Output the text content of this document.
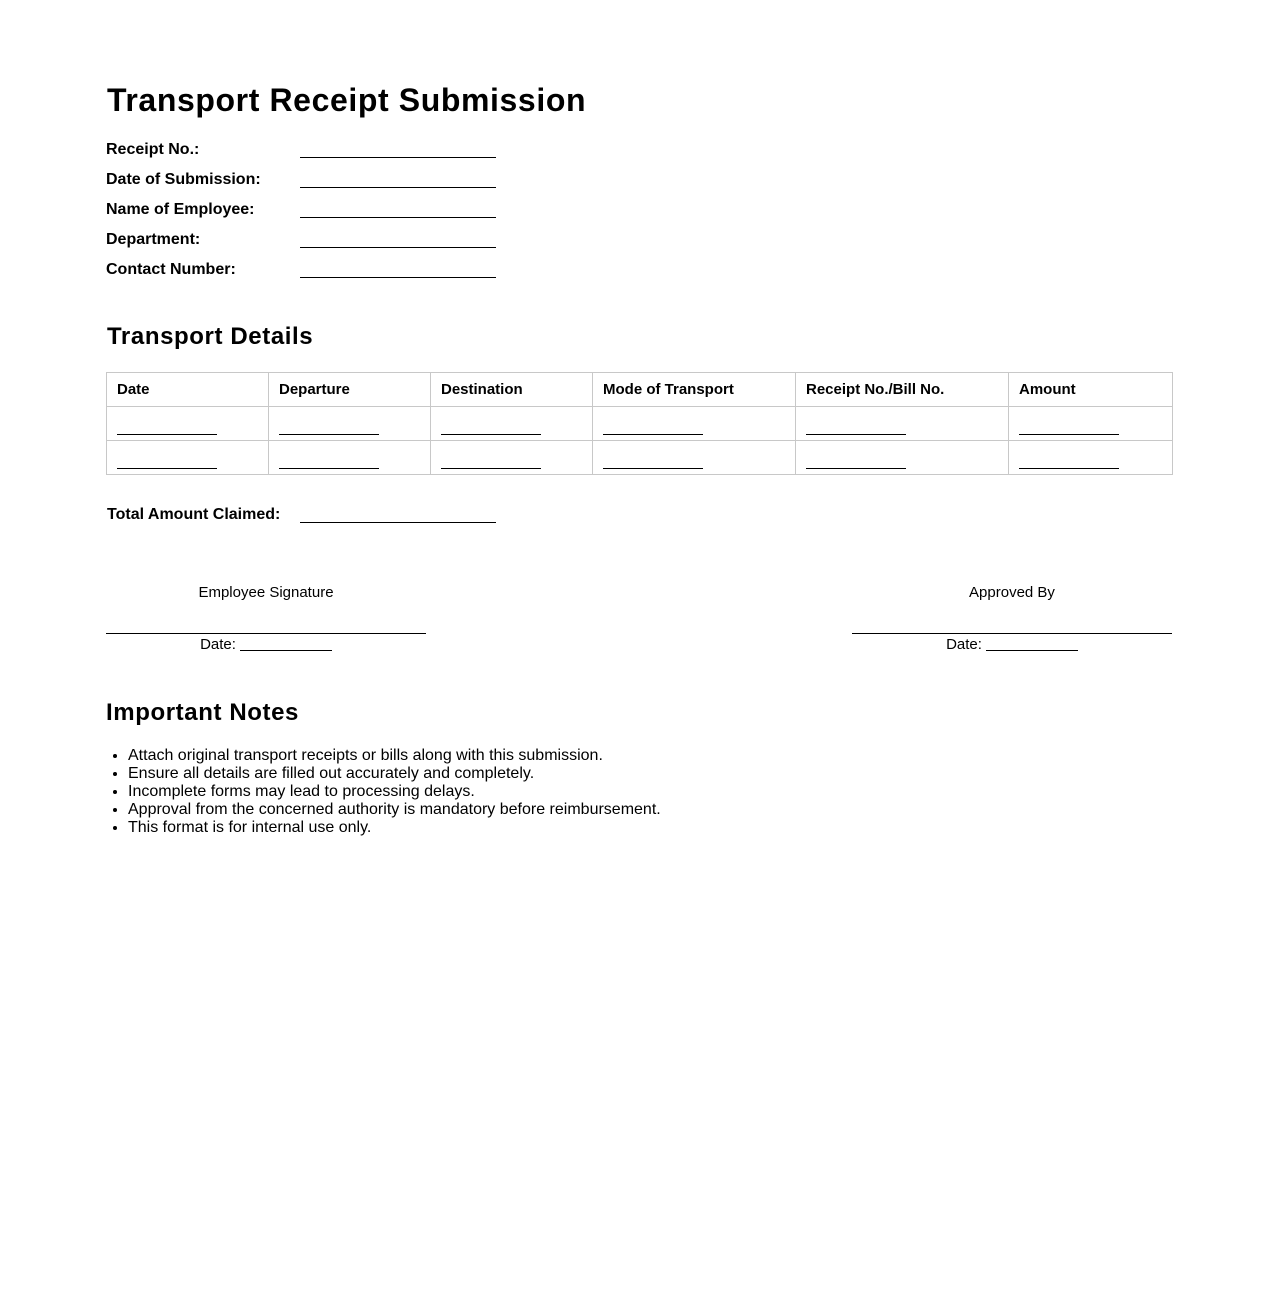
Transport Receipt Submission
Receipt No.:
Date of Submission:
Name of Employee:
Department:
Contact Number:
Transport Details
Date	Departure	Destination	Mode of Transport	Receipt No./Bill No.	Amount

Total Amount Claimed:
Employee Signature
Date:
Approved By
Date:
Important Notes
• Attach original transport receipts or bills along with this submission.
• Ensure all details are filled out accurately and completely.
• Incomplete forms may lead to processing delays.
• Approval from the concerned authority is mandatory before reimbursement.
• This format is for internal use only.
